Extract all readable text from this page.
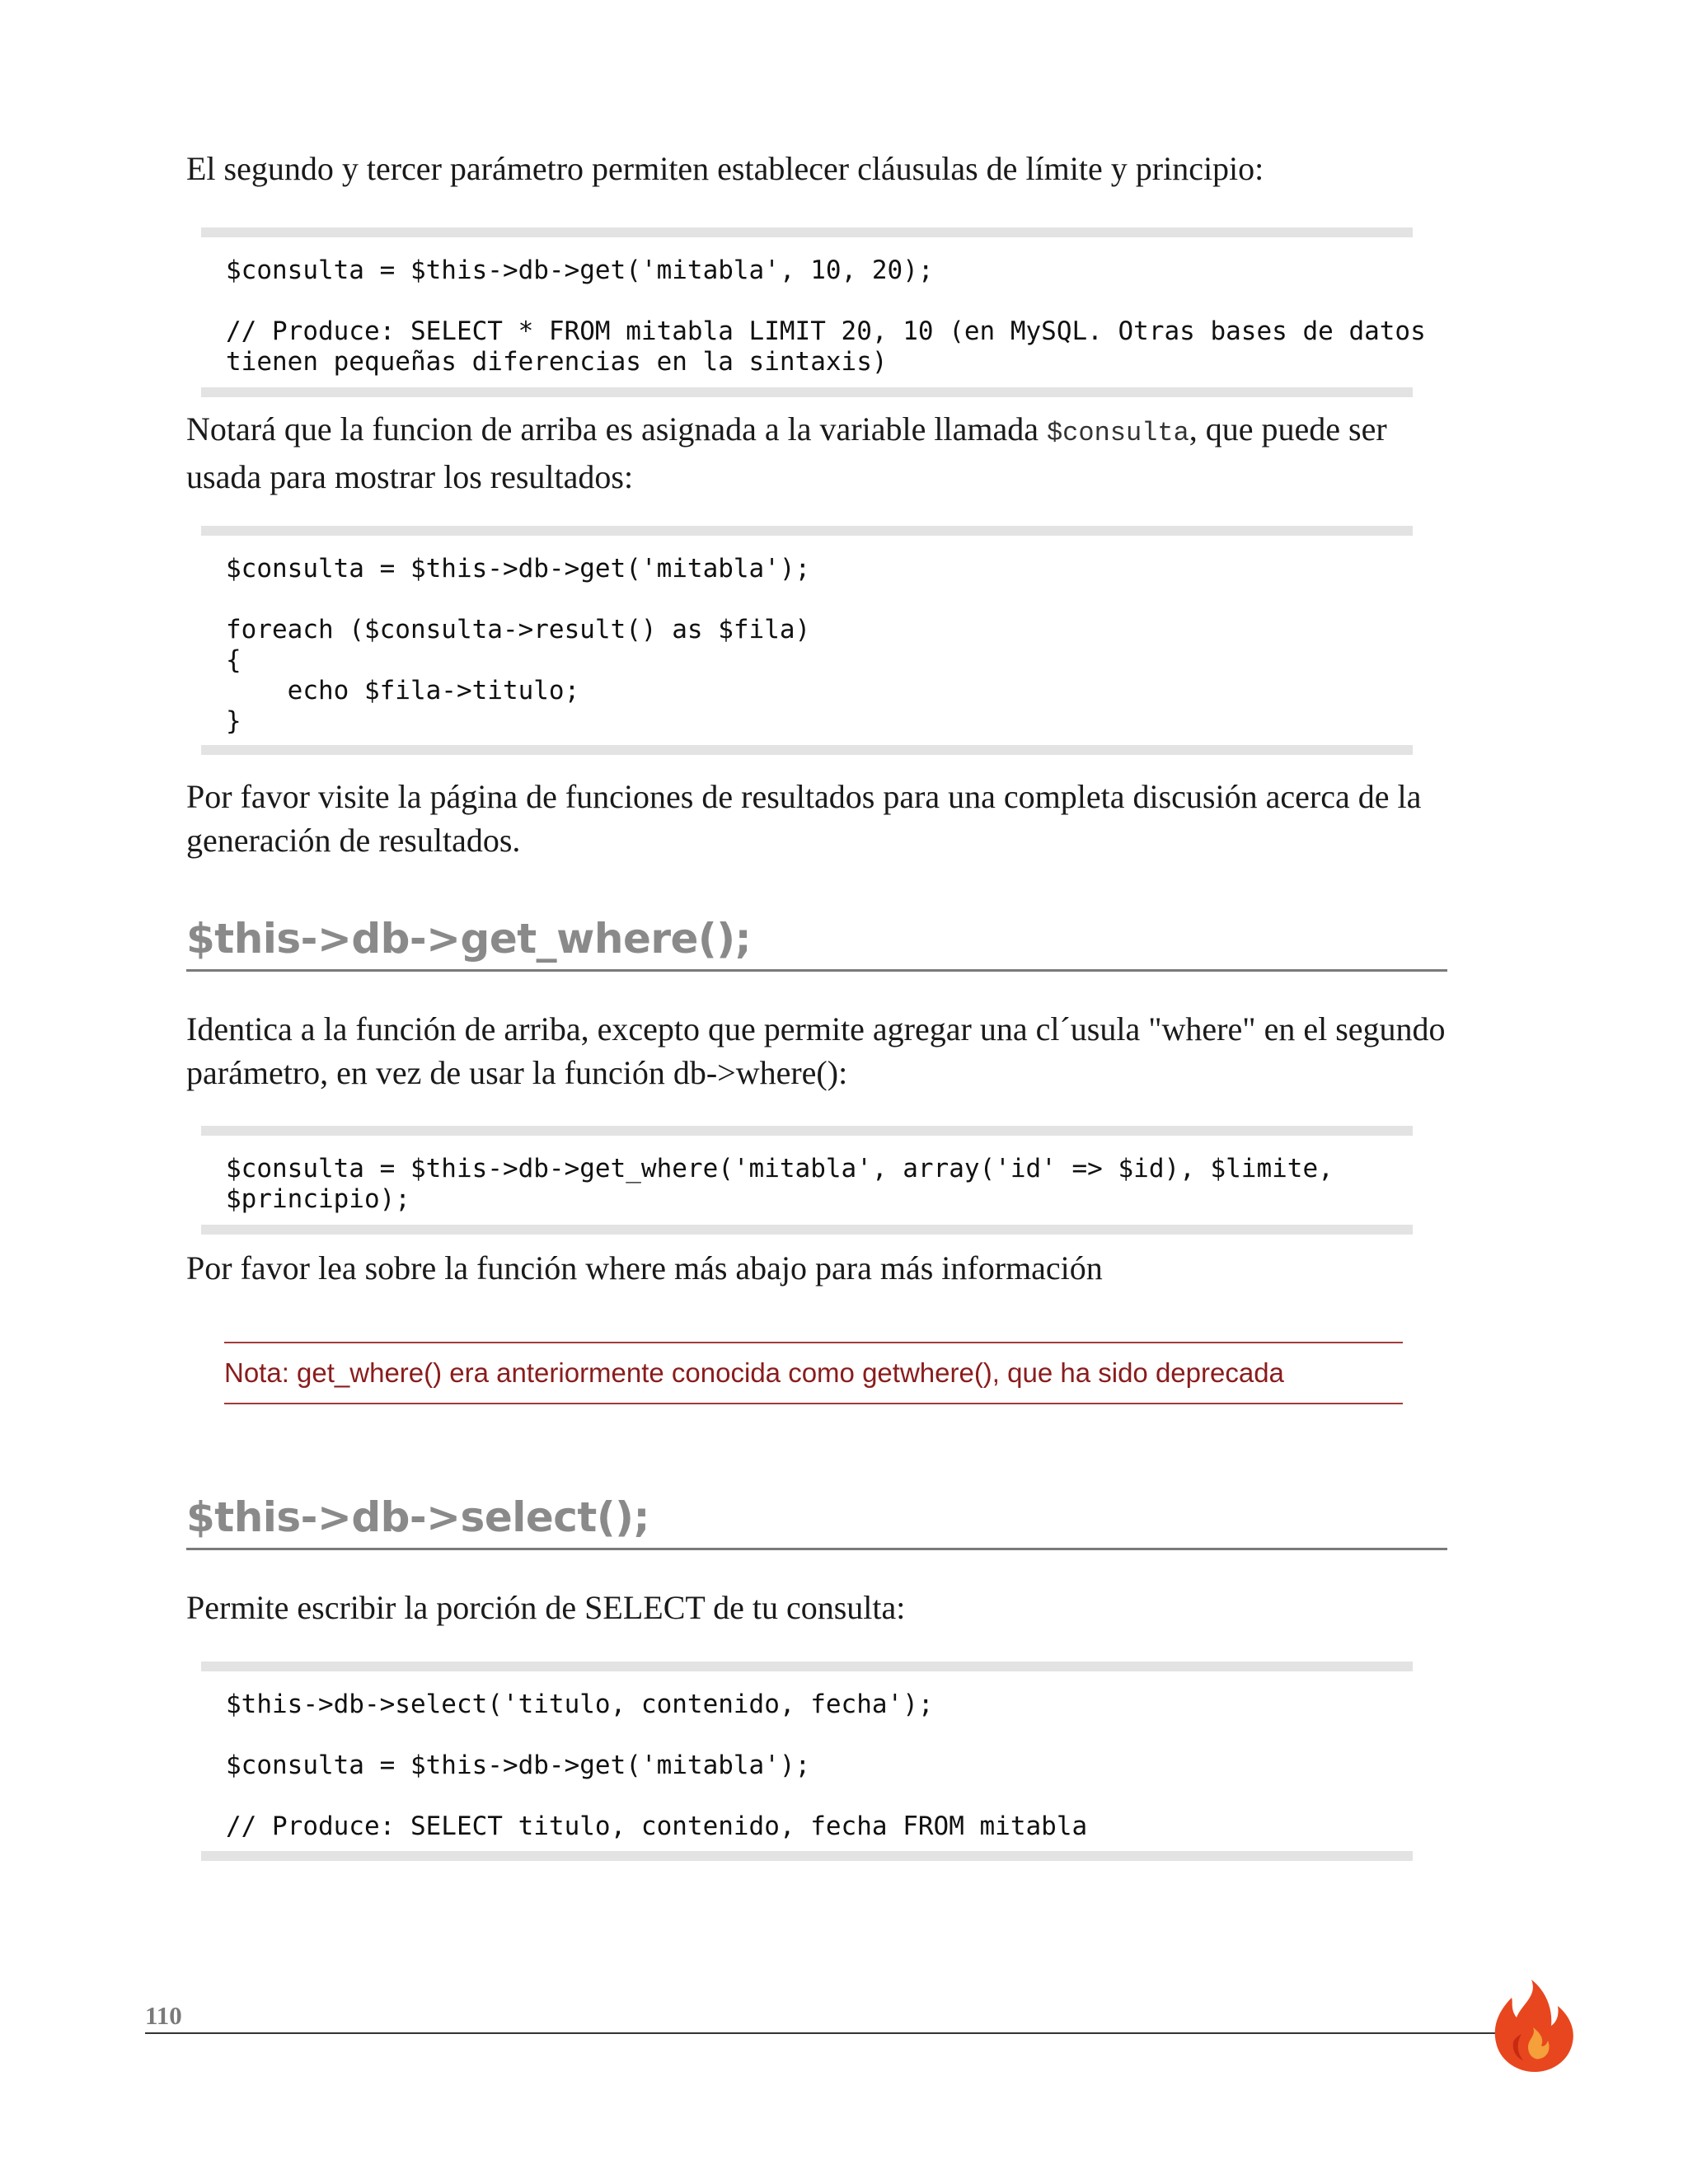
El segundo y tercer parámetro permiten establecer cláusulas de límite y principio:

$consulta = $this->db->get('mitabla', 10, 20);
// Produce: SELECT * FROM mitabla LIMIT 20, 10 (en MySQL. Otras bases de datos
tienen pequeñas diferencias en la sintaxis)

Notará que la funcion de arriba es asignada a la variable llamada $consulta, que puede ser usada para mostrar los resultados:

$consulta = $this->db->get('mitabla');
foreach ($consulta->result() as $fila)
{
echo $fila->titulo;
}

Por favor visite la página de funciones de resultados para una completa discusión acerca de la generación de resultados.

$this->db->get_where();

Identica a la función de arriba, excepto que permite agregar una cl´usula "where" en el segundo parámetro, en vez de usar la función db->where():

$consulta = $this->db->get_where('mitabla', array('id' => $id), $limite,
$principio);

Por favor lea sobre la función where más abajo para más información

Nota: get_where() era anteriormente conocida como getwhere(), que ha sido deprecada
$this->db->select();

Permite escribir la porción de SELECT de tu consulta:

$this->db->select('titulo, contenido, fecha');
$consulta = $this->db->get('mitabla');
// Produce: SELECT titulo, contenido, fecha FROM mitabla
110
